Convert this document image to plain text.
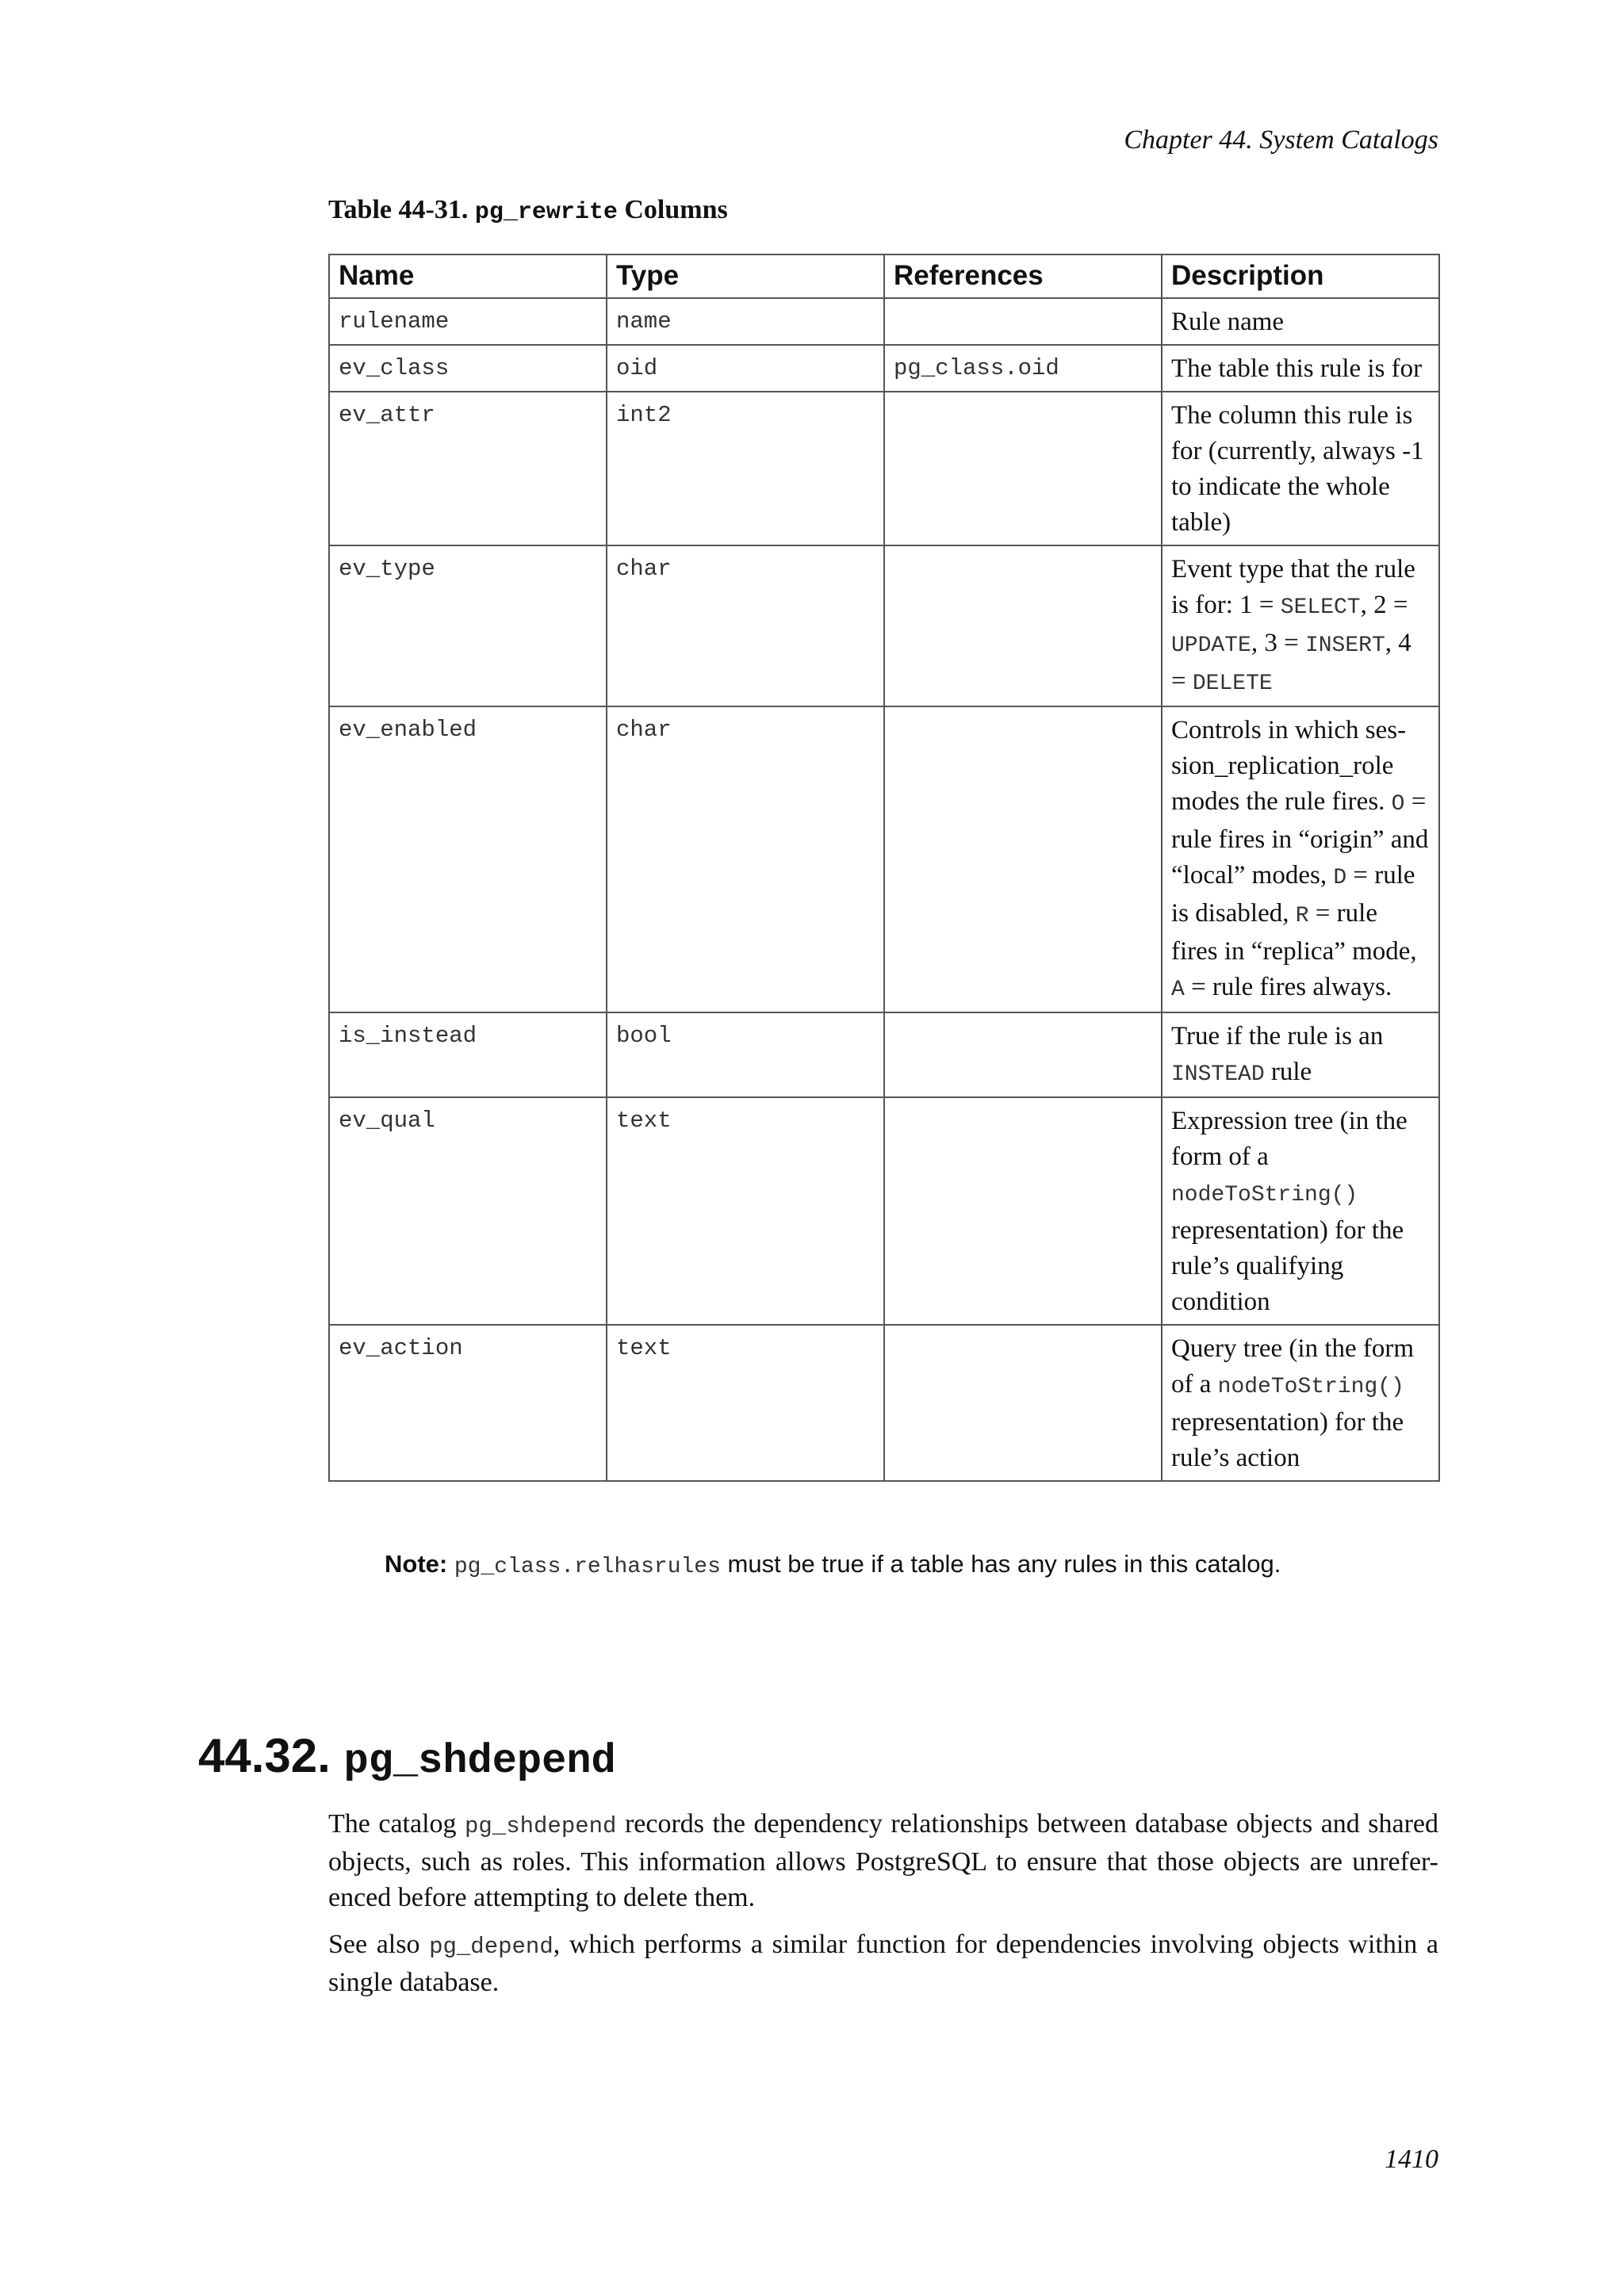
Chapter 44. System Catalogs
Table 44-31. pg_rewrite Columns
Name	Type	References	Description
rulename	name		Rule name
ev_class	oid	pg_class.oid	The table this rule is for
ev_attr	int2		The column this rule is for (currently, always -1 to indicate the whole table)
ev_type	char		Event type that the rule is for: 1 = SELECT, 2 = UPDATE, 3 = INSERT, 4 = DELETE
ev_enabled	char		Controls in which ses-sion_replication_role modes the rule fires. O = rule fires in “origin” and “local” modes, D = rule is disabled, R = rule fires in “replica” mode, A = rule fires always.
is_instead	bool		True if the rule is an INSTEAD rule
ev_qual	text		Expression tree (in the form of a nodeToString() representation) for the rule’s qualifying condition
ev_action	text		Query tree (in the form of a nodeToString() representation) for the rule’s action
Note: pg_class.relhasrules must be true if a table has any rules in this catalog.
44.32. pg_shdepend
The catalog pg_shdepend records the dependency relationships between database objects and shared objects, such as roles. This information allows PostgreSQL to ensure that those objects are unrefer-enced before attempting to delete them.
See also pg_depend, which performs a similar function for dependencies involving objects within a single database.
1410
